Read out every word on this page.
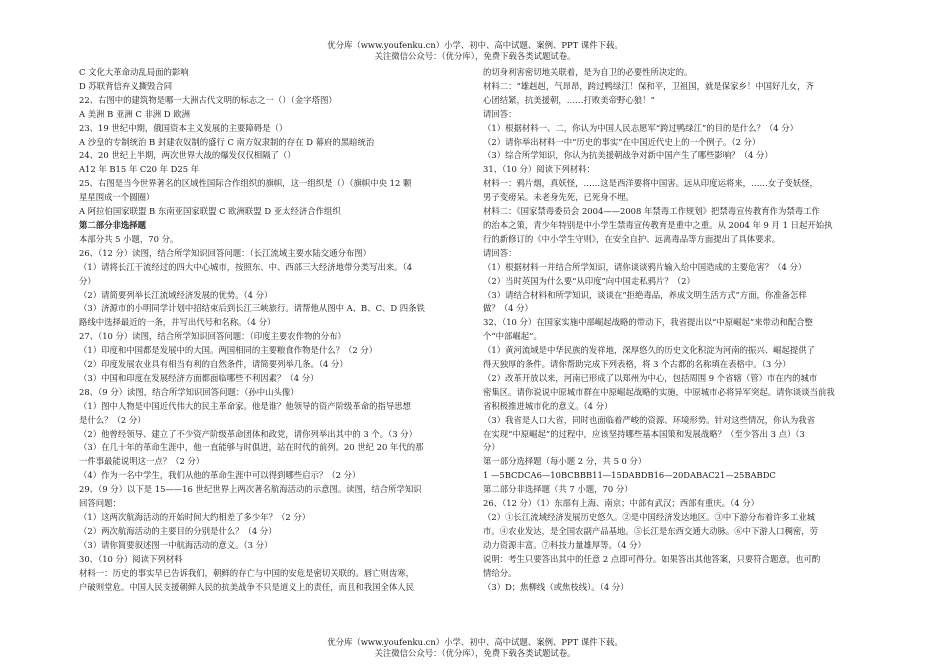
优分库（www.youfenku.cn）小学、初中、高中试题、案例、PPT 课件下载。
关注微信公众号：（优分库），免费下载各类试题试卷。

C 文化大革命动乱局面的影响

D 苏联背信弃义撕毁合同

22、右图中的建筑物是哪一大洲古代文明的标志之一（）（金字塔图）

A 美洲 B 亚洲 C 非洲 D 欧洲

23、19 世纪中期，俄国资本主义发展的主要障碍是（）

A 沙皇的专制统治 B 封建农奴制的盛行 C 南方奴隶制的存在 D 幕府的黑暗统治

24、20 世纪上半期，两次世界大战的爆发仅仅相隔了（）

A12 年 B15 年 C20 年 D25 年

25、右图是当今世界著名的区域性国际合作组织的旗帜，这一组织是（）（旗帜中央 12 颗

星星围成一个圆圈）

A 阿拉伯国家联盟 B 东南亚国家联盟 C 欧洲联盟 D 亚太经济合作组织

第二部分非选择题

本部分共 5 小题，70 分。

26、（12 分）读图，结合所学知识回答问题：（长江流域主要水陆交通分布图）

（1）请将长江干流经过的四大中心城市，按照东、中、西部三大经济地带分类写出来。（4

分）

（2）请简要列举长江流域经济发展的优势。（4 分）

（3）济源市的小明同学计划中招结束后到长江三峡旅行。请帮他从图中 A、B、C、D 四条铁

路线中选择最近的一条，并写出代号和名称。（4 分）

27、（10 分）读图，结合所学知识回答问题：（印度主要农作物的分布）

（1）印度和中国都是发展中的大国。两国相同的主要粮食作物是什么？（2 分）

（2）印度发展农业具有相当有利的自然条件，请简要列举几条。（4 分）

（3）中国和印度在发展经济方面都面临哪些不利因素？（4 分）

28、（9 分）读图，结合所学知识回答问题：（孙中山头像）

（1）图中人物是中国近代伟大的民主革命家。他是谁？他领导的资产阶级革命的指导思想

是什么？（2 分）

（2）他曾经领导、建立了不少资产阶级革命团体和政党，请你列举出其中的 3 个。（3 分）

（3）在几十年的革命生涯中，他一直能够与时俱进，站在时代的前列。20 世纪 20 年代的那

一件事最能说明这一点？（2 分）

（4）作为一名中学生，我们从他的革命生涯中可以得到哪些启示？（2 分）

29、（9 分）以下是 15——16 世纪世界上两次著名航海活动的示意图。读图，结合所学知识

回答问题：

（1）这两次航海活动的开始时间大约相差了多少年？（2 分）

（2）两次航海活动的主要目的分别是什么？（4 分）

（3）请你简要叙述图一中航海活动的意义。（3 分）

30、（10 分）阅读下列材料

材料一：历史的事实早已告诉我们，朝鲜的存亡与中国的安危是密切关联的。唇亡则齿寒，

户破则堂危。中国人民支援朝鲜人民的抗美战争不只是道义上的责任，而且和我国全体人民

的切身利害密切地关联着，是为自卫的必要性所决定的。

材料二：“雄赳赳，气昂昂，跨过鸭绿江！保和平，卫祖国，就是保家乡！中国好儿女，齐

心团结紧，抗美援朝，……打败美帝野心狼！”

请回答：

（1）根据材料一、二，你认为中国人民志愿军“跨过鸭绿江”的目的是什么？（4 分）

（2）请你举出材料一中“历史的事实”在中国近代史上的一个例子。（2 分）

（3）综合所学知识，你认为抗美援朝战争对新中国产生了哪些影响？（4 分）

31、（10 分）阅读下列材料：

材料一：鸦片烟，真妖怪，……这是西洋要将中国害。远从印度运将来，……女子变妖怪，

男子变痨呆。未老身先死，已死身不埋。

材料二：《国家禁毒委员会 2004——2008 年禁毒工作规划》把禁毒宣传教育作为禁毒工作

的治本之策，青少年特别是中小学生禁毒宣传教育是重中之重。从 2004 年 9 月 1 日起开始执

行的新修订的《中小学生守则》，在安全自护、远离毒品等方面提出了具体要求。

请回答：

（1）根据材料一并结合所学知识，请你谈谈鸦片输入给中国造成的主要危害？（4 分）

（2）当时英国为什么要“从印度”向中国走私鸦片？（2）

（3）请结合材料和所学知识，谈谈在“拒绝毒品，养成文明生活方式”方面，你准备怎样

做？（4 分）

32、（10 分）在国家实施中部崛起战略的带动下，我省提出以“中原崛起”来带动和配合整

个“中部崛起”。

（1）黄河流域是中华民族的发祥地，深厚悠久的历史文化积淀为河南的振兴、崛起提供了

得天独厚的条件。请你帮助完成下列表格，将 3 个古都的名称填在表格中。（3 分）

（2）改革开放以来，河南已形成了以郑州为中心，包括周围 9 个省辖（管）市在内的城市

密集区。请你说说中原城市群在中原崛起战略的实施，中原城市必将异军突起。请你谈谈当前我

省积极推进城市化的意义。（4 分）

（3）我省是人口大省，同时也面临着严峻的资源、环境形势。针对这些情况，你认为我省

在实现“中原崛起”的过程中，应该坚持哪些基本国策和发展战略？（至少答出 3 点）（3

分）

第一部分选择题（每小题 2 分，共 5 0 分）

1 —5BCDCA6—10BCBBB11—15DABDB16—20DABAC21—25BABDC

第二部分非选择题（共 7 小题，70 分）

26、（12 分）（1）东部有上海、南京；中部有武汉；西部有重庆。（4 分）

（2）①长江流域经济发展历史悠久。②是中国经济发达地区。③中下游分布着许多工业城

市。④农业发达，是全国农副产品基地。⑤长江是东西交通大动脉。⑥中下游人口稠密，劳

动力资源丰富。⑦科技力量雄厚等。（4 分）

说明：考生只要答出其中的任意 2 点即可得分。如果答出其他答案，只要符合题意，也可酌

情给分。

（3）D；焦柳线（或焦枝线）。（4 分）

优分库（www.youfenku.cn）小学、初中、高中试题、案例、PPT 课件下载。
关注微信公众号：（优分库），免费下载各类试题试卷。
